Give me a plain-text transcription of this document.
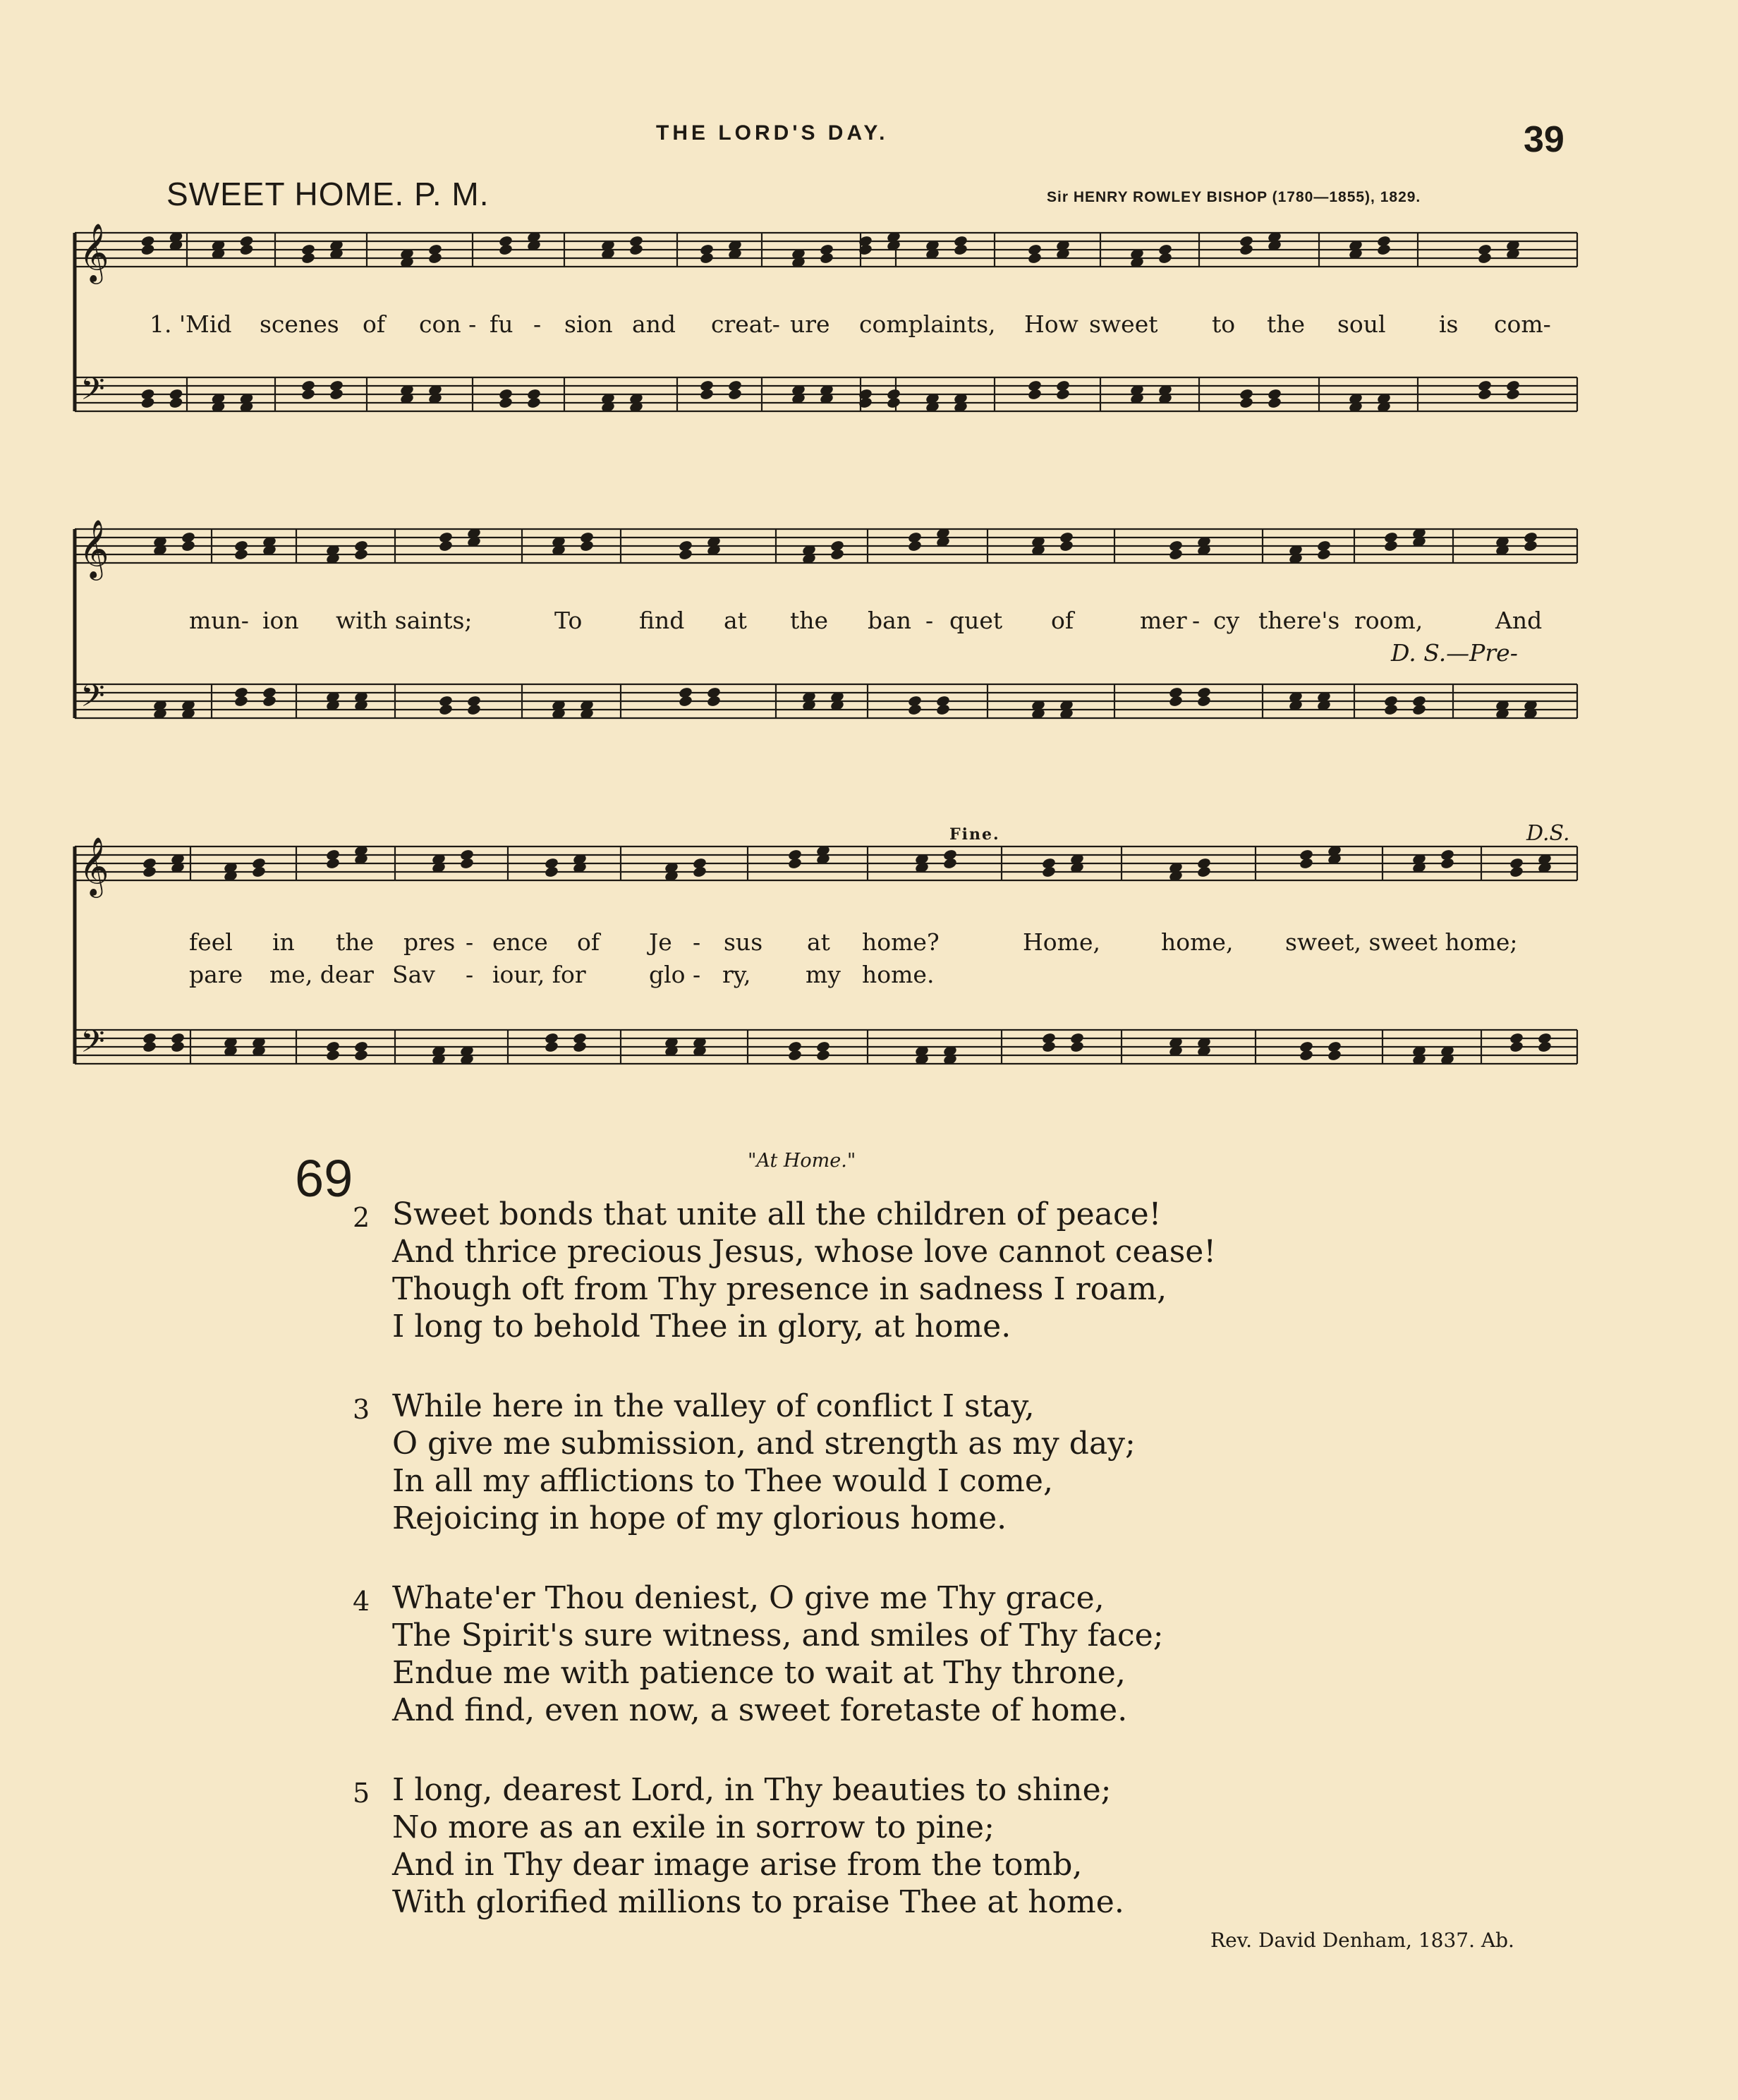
THE LORD'S DAY.	39
SWEET HOME. P. M.	Sir HENRY ROWLEY BISHOP (1780—1855), 1829.
𝄞
𝄢
𝄞
𝄢
𝄞
𝄢
1. 'Mid scenes of con - fu - sion and creat- ure complaints, How sweet to the soul is com-
mun- ion with saints;	To find at the ban - quet of	mer - cy there's room,	And
D. S.—Pre-
Fine.	D.S.
feel in the pres - ence of Je - sus at home?	Home,	home, sweet, sweet home;
pare me, dear Sav - iour, for	glo - ry, my home.
69	"At Home."
2 Sweet bonds that unite all the children of peace!
And thrice precious Jesus, whose love cannot cease!
Though oft from Thy presence in sadness I roam,
I long to behold Thee in glory, at home.
3 While here in the valley of conflict I stay,
O give me submission, and strength as my day;
In all my afflictions to Thee would I come,
Rejoicing in hope of my glorious home.
4 Whate'er Thou deniest, O give me Thy grace,
The Spirit's sure witness, and smiles of Thy face;
Endue me with patience to wait at Thy throne,
And find, even now, a sweet foretaste of home.
5 I long, dearest Lord, in Thy beauties to shine;
No more as an exile in sorrow to pine;
And in Thy dear image arise from the tomb,
With glorified millions to praise Thee at home.
Rev. David Denham, 1837. Ab.
